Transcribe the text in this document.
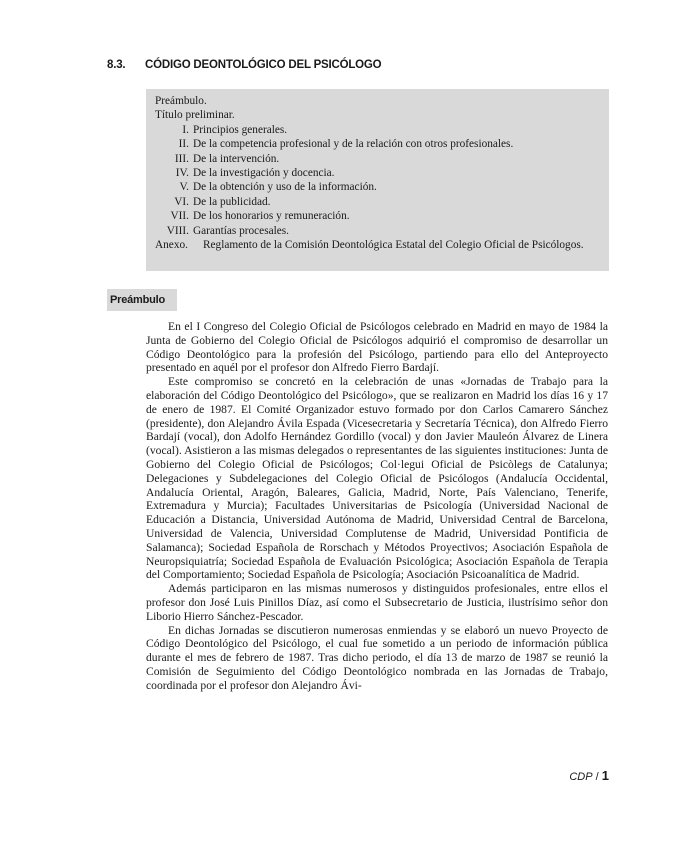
8.3. CÓDIGO DEONTOLÓGICO DEL PSICÓLOGO
Preámbulo.
Título preliminar.
I. Principios generales.
II. De la competencia profesional y de la relación con otros profesionales.
III. De la intervención.
IV. De la investigación y docencia.
V. De la obtención y uso de la información.
VI. De la publicidad.
VII. De los honorarios y remuneración.
VIII. Garantías procesales.
Anexo.	Reglamento de la Comisión Deontológica Estatal del Colegio Oficial de Psicólogos.
Preámbulo

En el I Congreso del Colegio Oficial de Psicólogos celebrado en Madrid en mayo de 1984 la Junta de Gobierno del Colegio Oficial de Psicólogos adquirió el compromiso de desarrollar un Código Deontológico para la profesión del Psicólogo, partiendo para ello del Anteproyecto presentado en aquél por el profesor don Alfredo Fierro Bardají.

Este compromiso se concretó en la celebración de unas «Jornadas de Trabajo para la elaboración del Código Deontológico del Psicólogo», que se realizaron en Madrid los días 16 y 17 de enero de 1987. El Comité Organizador estuvo formado por don Carlos Camarero Sánchez (presidente), don Alejandro Ávila Espada (Vicesecretaria y Secretaría Técnica), don Alfredo Fierro Bardají (vocal), don Adolfo Hernández Gordillo (vocal) y don Javier Mauleón Álvarez de Linera (vocal). Asistieron a las mismas delegados o representantes de las siguientes instituciones: Junta de Gobierno del Colegio Oficial de Psicólogos; Col·legui Oficial de Psicòlegs de Catalunya; Delegaciones y Subdelegaciones del Colegio Oficial de Psicólogos (Andalucía Occidental, Andalucía Oriental, Aragón, Baleares, Galicia, Madrid, Norte, País Valenciano, Tenerife, Extremadura y Murcia); Facultades Universitarias de Psicología (Universidad Nacional de Educación a Distancia, Universidad Autónoma de Madrid, Universidad Central de Barcelona, Universidad de Valencia, Universidad Complutense de Madrid, Universidad Pontificia de Salamanca); Sociedad Española de Rorschach y Métodos Proyectivos; Asociación Española de Neuropsiquiatría; Sociedad Española de Evaluación Psicológica; Asociación Española de Terapia del Comportamiento; Sociedad Española de Psicología; Asociación Psicoanalítica de Madrid.

Además participaron en las mismas numerosos y distinguidos profesionales, entre ellos el profesor don José Luis Pinillos Díaz, así como el Subsecretario de Justicia, ilustrísimo señor don Liborio Hierro Sánchez-Pescador.

En dichas Jornadas se discutieron numerosas enmiendas y se elaboró un nuevo Proyecto de Código Deontológico del Psicólogo, el cual fue sometido a un periodo de información pública durante el mes de febrero de 1987. Tras dicho periodo, el día 13 de marzo de 1987 se reunió la Comisión de Seguimiento del Código Deontológico nombrada en las Jornadas de Trabajo, coordinada por el profesor don Alejandro Ávi-

CDP / 1
